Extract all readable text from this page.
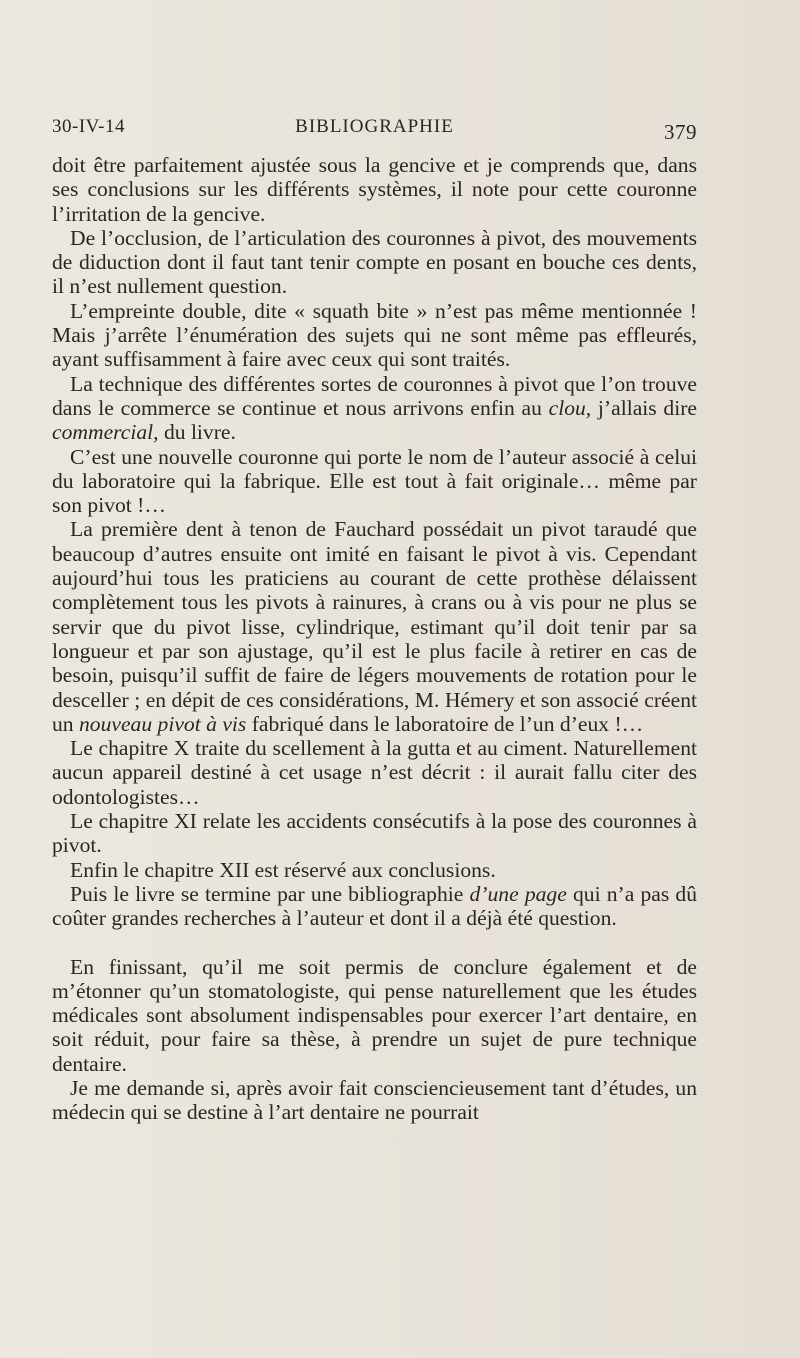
30-IV-14	BIBLIOGRAPHIE	379

doit être parfaitement ajustée sous la gencive et je comprends que, dans ses conclusions sur les différents systèmes, il note pour cette couronne l’irritation de la gencive.

De l’occlusion, de l’articulation des couronnes à pivot, des mouvements de diduction dont il faut tant tenir compte en posant en bouche ces dents, il n’est nullement question.

L’empreinte double, dite « squath bite » n’est pas même mentionnée ! Mais j’arrête l’énumération des sujets qui ne sont même pas effleurés, ayant suffisamment à faire avec ceux qui sont traités.

La technique des différentes sortes de couronnes à pivot que l’on trouve dans le commerce se continue et nous arrivons enfin au clou, j’allais dire commercial, du livre.

C’est une nouvelle couronne qui porte le nom de l’auteur associé à celui du laboratoire qui la fabrique. Elle est tout à fait originale… même par son pivot !…

La première dent à tenon de Fauchard possédait un pivot taraudé que beaucoup d’autres ensuite ont imité en faisant le pivot à vis. Cependant aujourd’hui tous les praticiens au courant de cette prothèse délaissent complètement tous les pivots à rainures, à crans ou à vis pour ne plus se servir que du pivot lisse, cylindrique, estimant qu’il doit tenir par sa longueur et par son ajustage, qu’il est le plus facile à retirer en cas de besoin, puisqu’il suffit de faire de légers mouvements de rotation pour le desceller ; en dépit de ces considérations, M. Hémery et son associé créent un nouveau pivot à vis fabriqué dans le laboratoire de l’un d’eux !…

Le chapitre X traite du scellement à la gutta et au ciment. Naturellement aucun appareil destiné à cet usage n’est décrit : il aurait fallu citer des odontologistes…

Le chapitre XI relate les accidents consécutifs à la pose des couronnes à pivot.

Enfin le chapitre XII est réservé aux conclusions.

Puis le livre se termine par une bibliographie d’une page qui n’a pas dû coûter grandes recherches à l’auteur et dont il a déjà été question.

En finissant, qu’il me soit permis de conclure également et de m’étonner qu’un stomatologiste, qui pense naturellement que les études médicales sont absolument indispensables pour exercer l’art dentaire, en soit réduit, pour faire sa thèse, à prendre un sujet de pure technique dentaire.

Je me demande si, après avoir fait consciencieusement tant d’études, un médecin qui se destine à l’art dentaire ne pourrait
